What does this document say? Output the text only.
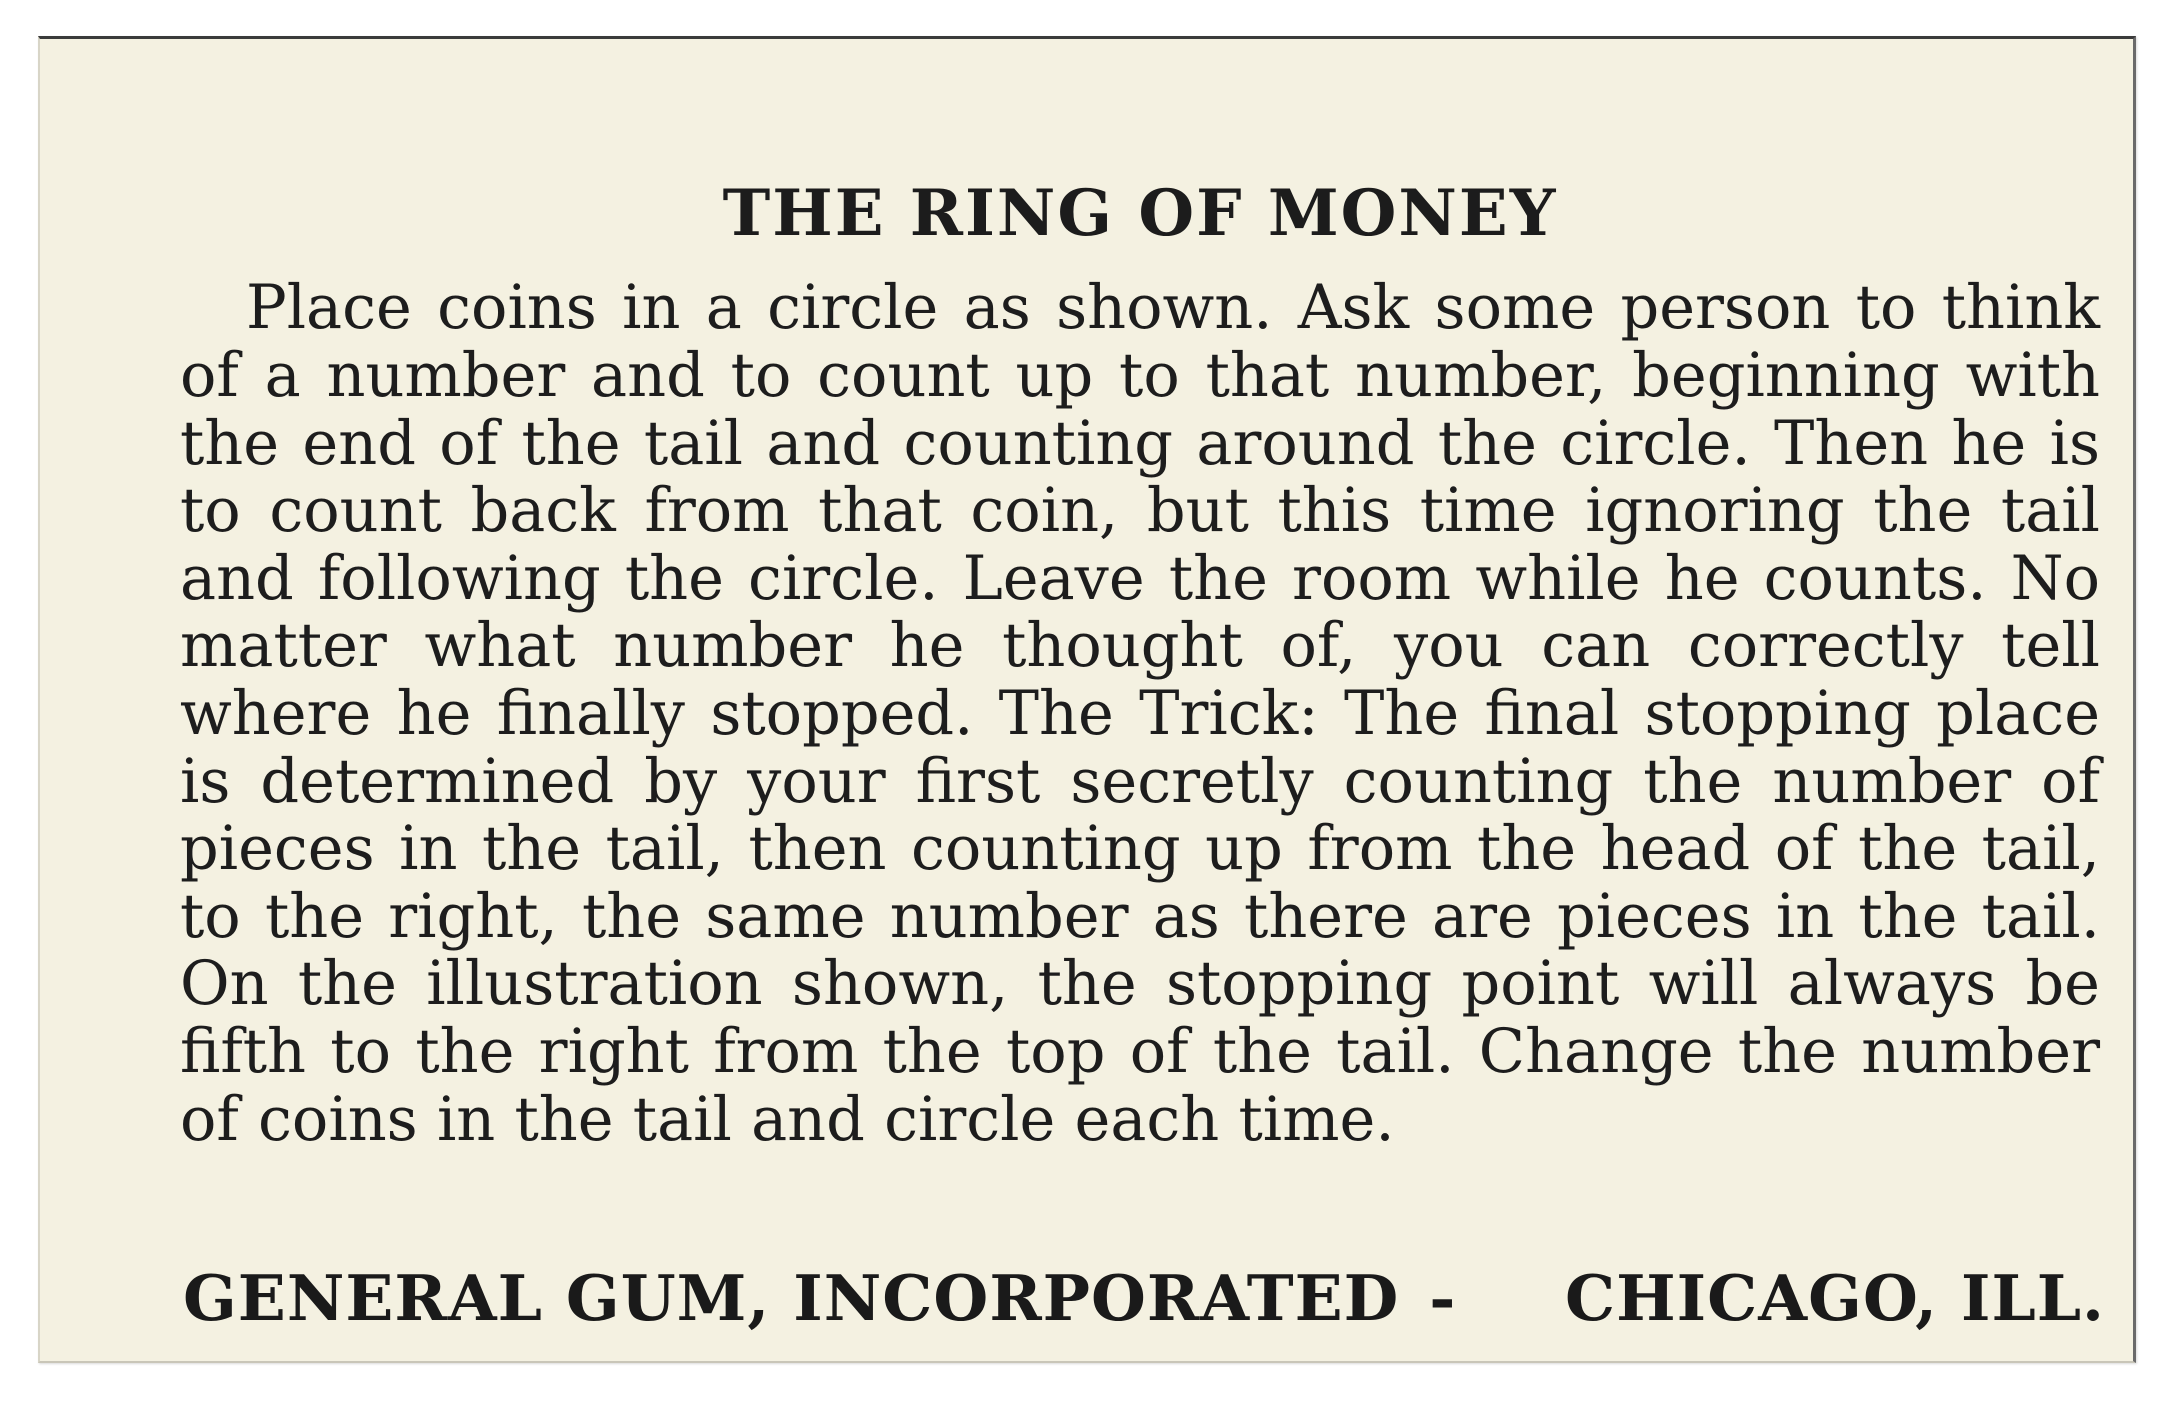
THE RING OF MONEY

Place coins in a circle as shown. Ask some person to think of a number and to count up to that number, beginning with the end of the tail and counting around the circle. Then he is to count back from that coin, but this time ignoring the tail and following the circle. Leave the room while he counts. No matter what number he thought of, you can correctly tell where he finally stopped. The Trick: The final stopping place is determined by your first secretly counting the number of pieces in the tail, then counting up from the head of the tail, to the right, the same number as there are pieces in the tail. On the illustration shown, the stopping point will always be fifth to the right from the top of the tail. Change the number of coins in the tail and circle each time.

GENERAL GUM, INCORPORATED - CHICAGO, ILL.
